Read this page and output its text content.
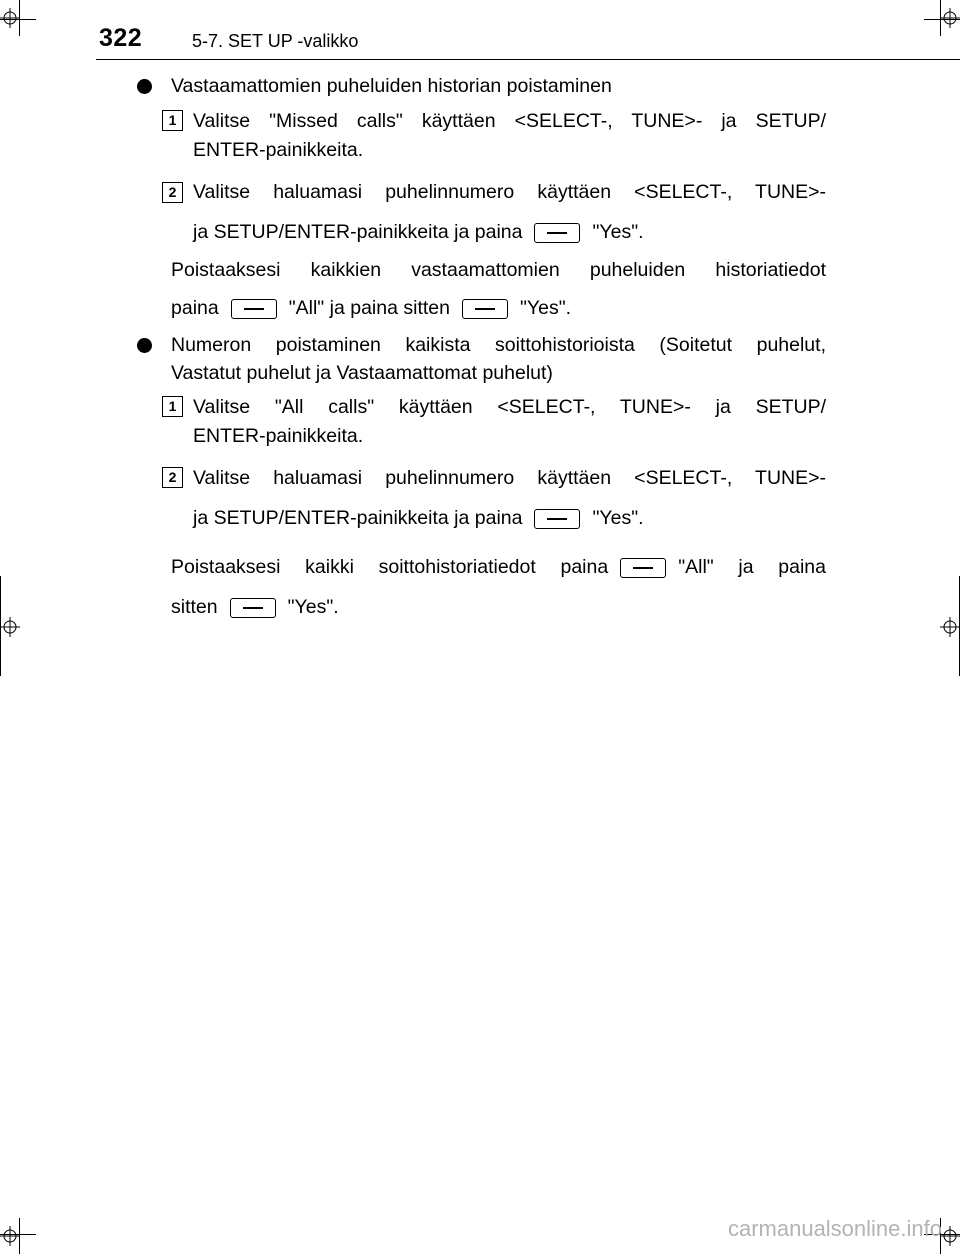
322	5-7. SET UP -valikko
Vastaamattomien puheluiden historian poistaminen
1 Valitse "Missed calls" käyttäen <SELECT-, TUNE>- ja SETUP/
ENTER-painikkeita.
2 Valitse haluamasi puhelinnumero käyttäen <SELECT-, TUNE>-
ja SETUP/ENTER-painikkeita ja paina	"Yes".
Poistaaksesi kaikkien vastaamattomien puheluiden historiatiedot
paina	"All" ja paina sitten	"Yes".
Numeron poistaminen kaikista soittohistorioista (Soitetut puhelut,
Vastatut puhelut ja Vastaamattomat puhelut)
1 Valitse "All calls" käyttäen <SELECT-, TUNE>- ja SETUP/
ENTER-painikkeita.
2 Valitse haluamasi puhelinnumero käyttäen <SELECT-, TUNE>-
ja SETUP/ENTER-painikkeita ja paina	"Yes".
Poistaaksesi kaikki soittohistoriatiedot paina	"All" ja paina
sitten	"Yes".
carmanualsonline.info
